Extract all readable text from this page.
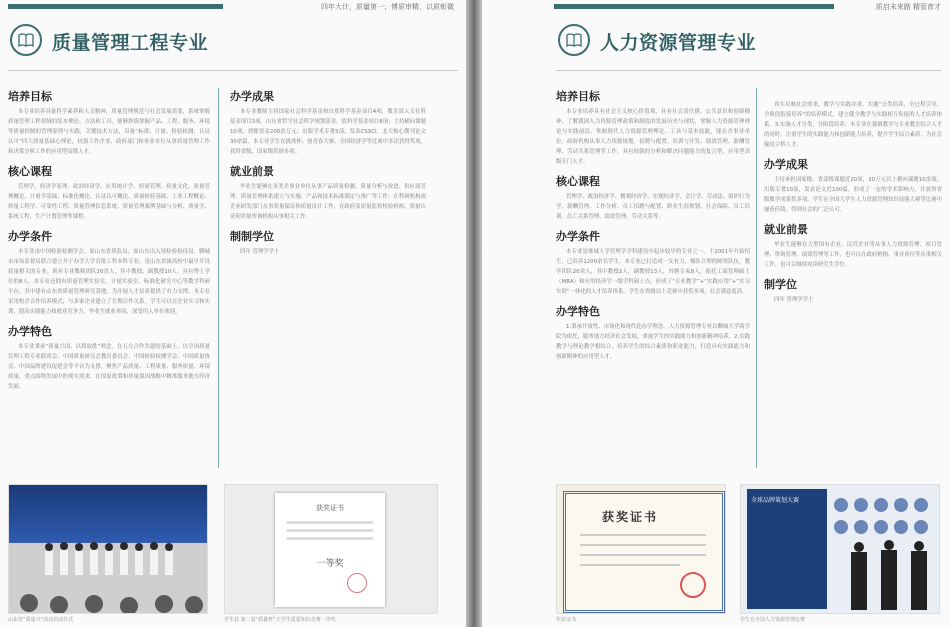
四年大计，质量第一；博质审精，以质彰微
质量管理工程专业
培养目标

本专业培养具备科学素养和人文精神，质量管理规范与社会发展需要，系统掌握质量管理工程领域的基本理论、方法和工具，能够熟练掌握产品、工程、服务、环境等质量控制的管理原理与实践，关键技术方法，具备“标准、计量、检验检测、认证认可”四大质量基础心理论，较强工作企业、政府部门和事业单位从事质量管理工作和决策分析工作的应用型高级人才。

核心课程

管理学、经济学原理、政治经济学、应用统计学、质量管理、质量文化、质量管理概论、计量学基础、标准化概论、认证认可概论、质量检验基础、工业工程概论、质量工程学、可靠性工程、质量管理信息系统、质量管理案例基础与分析、质量学、系统工程、生产计划管理等课程。

办学条件

本专业由中国检验检测学会、原山东省质监局、原山东出入境检验检疫局、聊城市市场监督局联合建立并于办学大学首批工科本科专业，是山东省属高校中最早开设质量相关的专业。现有专业教师团队20余人，其中教授、副教授10人，具有博士学位的8人。本专业还拥有质量管理实验室、计量实验室、标准化研究中心等教学科研平台，其中建有山东省质量管理研究基地，为开展人才培养提供了有力支撑。本专业采用校企合作培养模式，与多家企业建立了长期合作关系，学生可以在企业实习和实训，提高实践能力和就业竞争力，毕业生就业率高，深受用人单位欢迎。

办学特色

本专业秉承“质量兴国、以质取胜”理念，在五方合作共建的基础上，以全国质量管理工程专业联席会、中国质量研究会教育委员会、中国检验检测学会、中国质量协会、中国品牌建设促进会等平台为支撑，聚焦产品质量、工程质量、服务质量、环境质量，重点围绕发展中的现实需求，在国家政策和质量强国战略中精准服务地方经济发展。

办学成果

本专业教师主持国家社会科学基金和自然科学基金项目4项，教育部人文社科基金项目3项，山东省哲学社会科学规划基金、软科学基金项目8项；主持横向课题10项，到账资金200余万元；出版学术专著5部，发表CSSCI、北大核心期刊论文30余篇。本专业学生在挑战杯、创青春大赛、全国经济学等比赛中多次获得奖项，获得省级、国家级奖励多项。

就业前景

毕业生能够在各类企事业单位从事产品质量检测、质量分析与改进、供应商管理、质量管理体系建立与实施、产品和技术标准制定与推广等工作；在科研机构或企业研发部门从事质量保证和质量设计工作；在政府及质量监督检验机构、质量认证和质量咨询机构从事相关工作。

制制学位

四年 管理学学士

山东省“质量兴”活动启动仪式
获奖证书
一等奖
学生获 第二届“质量杯”大学生质量知识竞赛一等奖
质启未来路 精管育才
人力资源管理专业
培养目标

本专业培养具有社会主义核心价值观，具有社会责任感、公共意识和创新精神，了解我国人力资源管理政策和制度的发展历史与现状，掌握人力资源管理理论与实践前沿，掌握现代人力资源管理理论、工具与基本技能，能在企事业单位、政府机构从事人力资源规划、招聘与配置、培训与开发、绩效管理、薪酬管理、劳动关系管理等工作，具有较强的分析和解决问题能力的复合型、应用型高级专门人才。

核心课程

管理学、政治经济学、微观经济学、宏观经济学、会计学、劳动法、组织行为学、薪酬管理、工作分析、员工招聘与配置、职业生涯规划、社会保障、员工培训、员工关系管理、绩效管理、劳动关系等。

办学条件

本专业是继城人学管理学学科建设中起步较早的专业之一，于2001年开始招生，已培养1200余名学生。本专业已打造成一支有力、梯队合理的师资队伍，教学团队20余人，其中教授2人，副教授13人，外聘专家8人，依托工商管理硕士（MBA）和应用经济学一级学科硕士点，形成了“专业教学”+“实践应用”+“实习实训”一体化的人才培养体系。学生在省级以上竞赛中获奖多项，社会满意度高。

办学特色

1.秉承开放性、市场化和现代化办学理念。人力资源管理专业以聊城大学商学院为依托，服务地方经济社会发展，重视学生的实践能力和创新精神培养。2.实践教学与理论教学相结合，培养学生的综合素质和职业能力，打造具有实践能力和创新精神的应用型人才。

真实反映社会需求，教学与实践并重，实施“分类培养、全过程引导、全阶段衔接培养”的培养模式，建立健全教学与实践相互衔接的人才培养体系。3.实施人才分类，分阶段培养，本专业在强调教学与专业教育结合人才的同时，注重学生的实践能力和创新能力培养，提升学生综合素质，为社会输送合格人才。

办学成果

主持承担国家级、省部级课题近20项，20万元以上横向课题10余项，出版专著10部，发表论文近100篇。形成了一定的学术影响力，并获得省级教学成果奖多项。学生在全国大学生人力资源管理知识技能大赛等比赛中屡获佳绩，得到社会的广泛认可。

就业前景

毕业生能够在大型国有企业、民营企业等从事人力资源管理、项目管理、咨询管理、绩效管理等工作，也可以在政府机构、事业单位等从事相关工作，也可以继续攻读研究生学位。

制学位

四年 管理学学士

获奖证书
奖状证书
全球品牌策划大赛
学生在全国人力资源管理比赛
